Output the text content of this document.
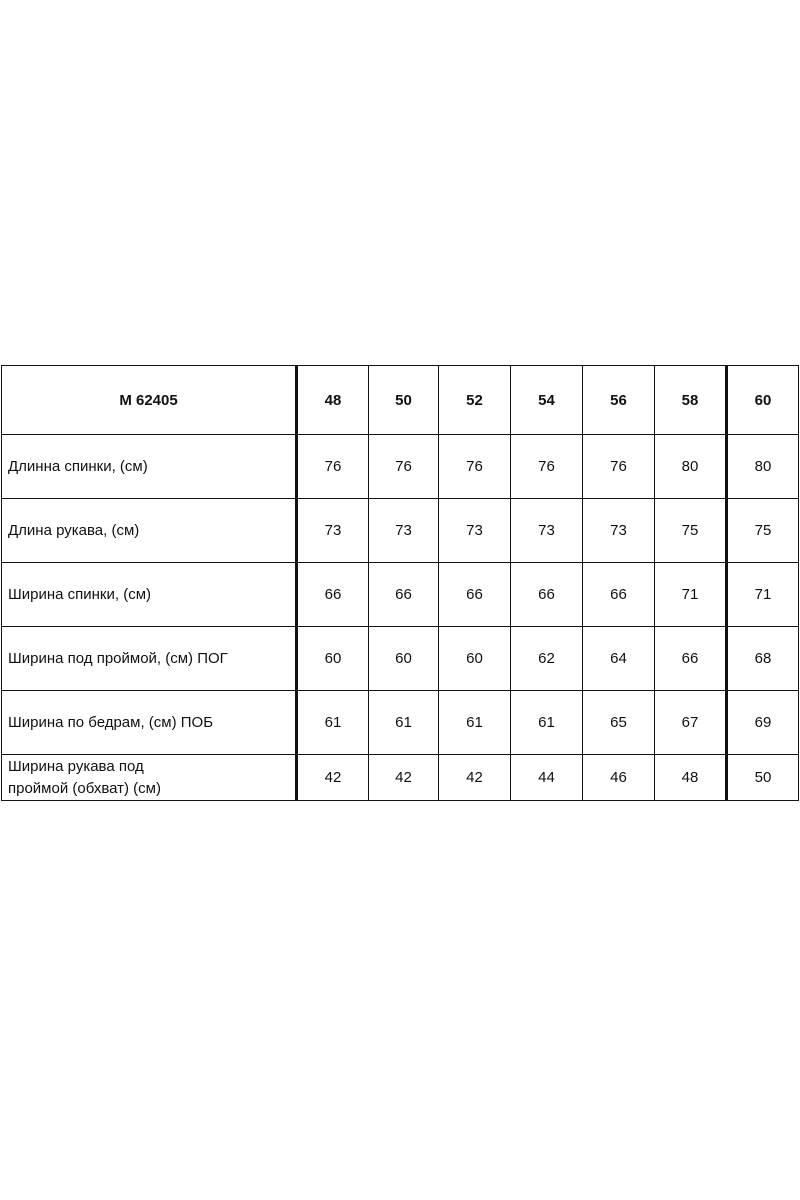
М 62405	48	50	52	54	56	58	60
Длинна спинки, (см)	76	76	76	76	76	80	80
Длина рукава, (см)	73	73	73	73	73	75	75
Ширина спинки, (см)	66	66	66	66	66	71	71
Ширина под проймой, (см) ПОГ	60	60	60	62	64	66	68
Ширина по бедрам, (см) ПОБ	61	61	61	61	65	67	69
Ширина рукава под
проймой (обхват) (см)	42	42	42	44	46	48	50
